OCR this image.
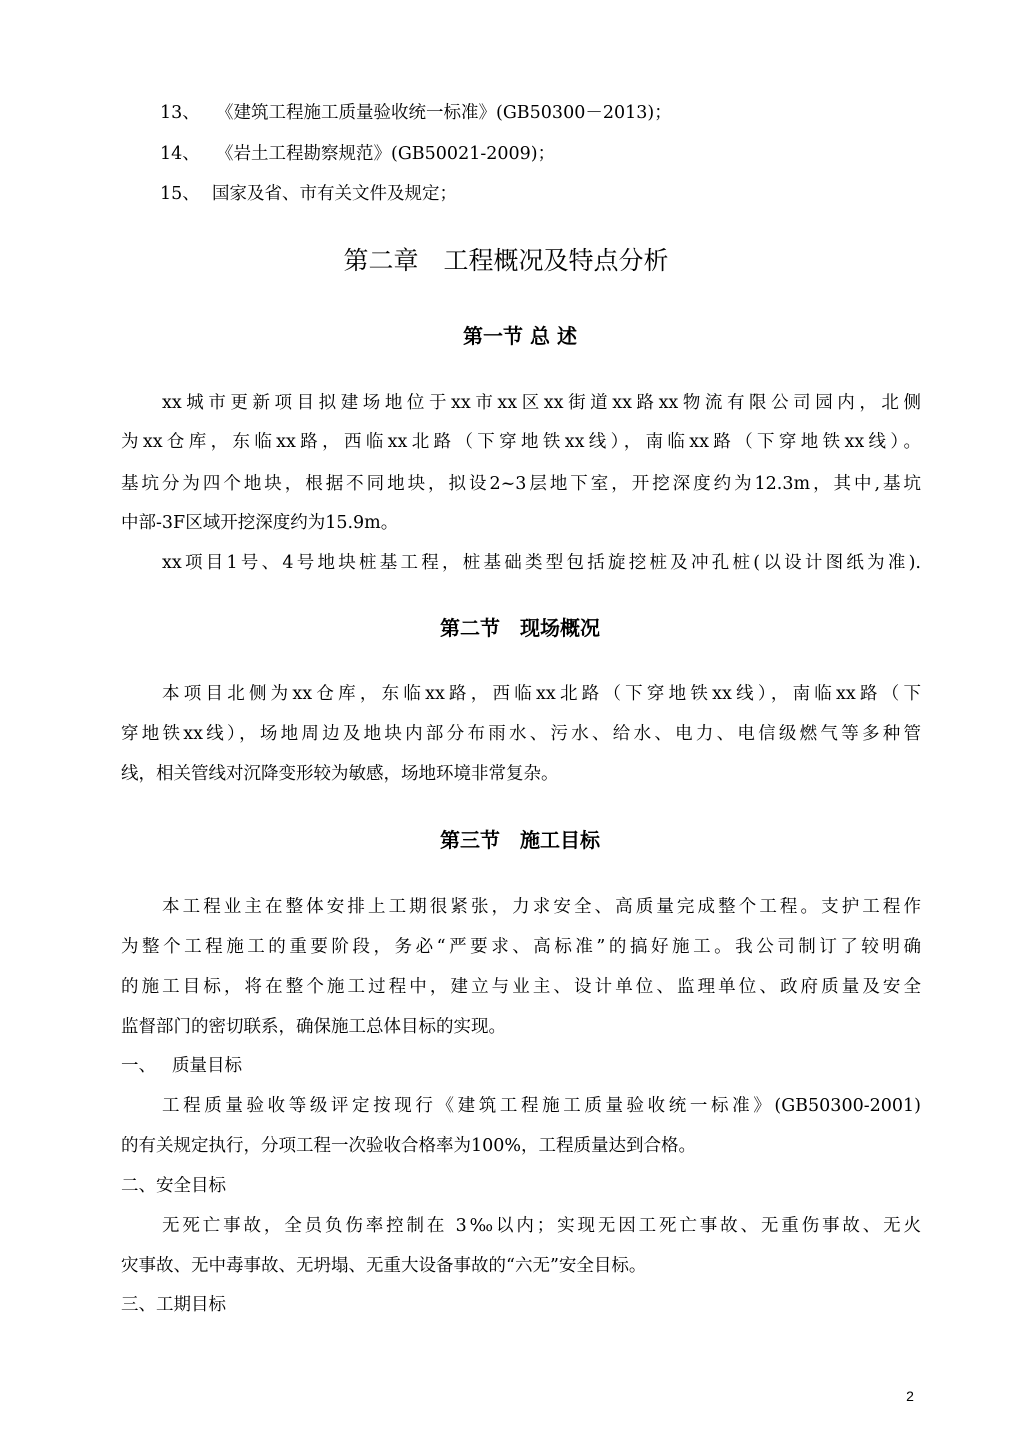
13、 《建筑工程施工质量验收统一标准》(GB50300－2013)；
14、 《岩土工程勘察规范》(GB50021-2009)；
15、 国家及省、市有关文件及规定；
第二章　工程概况及特点分析
第一节 总 述
xx城市更新项目拟建场地位于xx市xx区xx街道xx路xx物流有限公司园内，北侧
为xx仓库，东临xx路，西临xx北路（下穿地铁xx线），南临xx路（下穿地铁xx线）。
基坑分为四个地块，根据不同地块，拟设2~3层地下室，开挖深度约为12.3m，其中,基坑
中部-3F区域开挖深度约为15.9m。
xx项目1号、4号地块桩基工程，桩基础类型包括旋挖桩及冲孔桩(以设计图纸为准).
第二节　现场概况
本项目北侧为xx仓库，东临xx路，西临xx北路（下穿地铁xx线），南临xx路（下
穿地铁xx线），场地周边及地块内部分布雨水、污水、给水、电力、电信级燃气等多种管
线，相关管线对沉降变形较为敏感，场地环境非常复杂。
第三节　施工目标
本工程业主在整体安排上工期很紧张，力求安全、高质量完成整个工程。支护工程作
为整个工程施工的重要阶段，务必“严要求、高标准”的搞好施工。我公司制订了较明确
的施工目标，将在整个施工过程中，建立与业主、设计单位、监理单位、政府质量及安全
监督部门的密切联系，确保施工总体目标的实现。
一、 质量目标
工程质量验收等级评定按现行《建筑工程施工质量验收统一标准》(GB50300-2001)
的有关规定执行，分项工程一次验收合格率为100%，工程质量达到合格。
二、安全目标
无死亡事故，全员负伤率控制在 3‰以内；实现无因工死亡事故、无重伤事故、无火
灾事故、无中毒事故、无坍塌、无重大设备事故的“六无”安全目标。
三、工期目标
2
